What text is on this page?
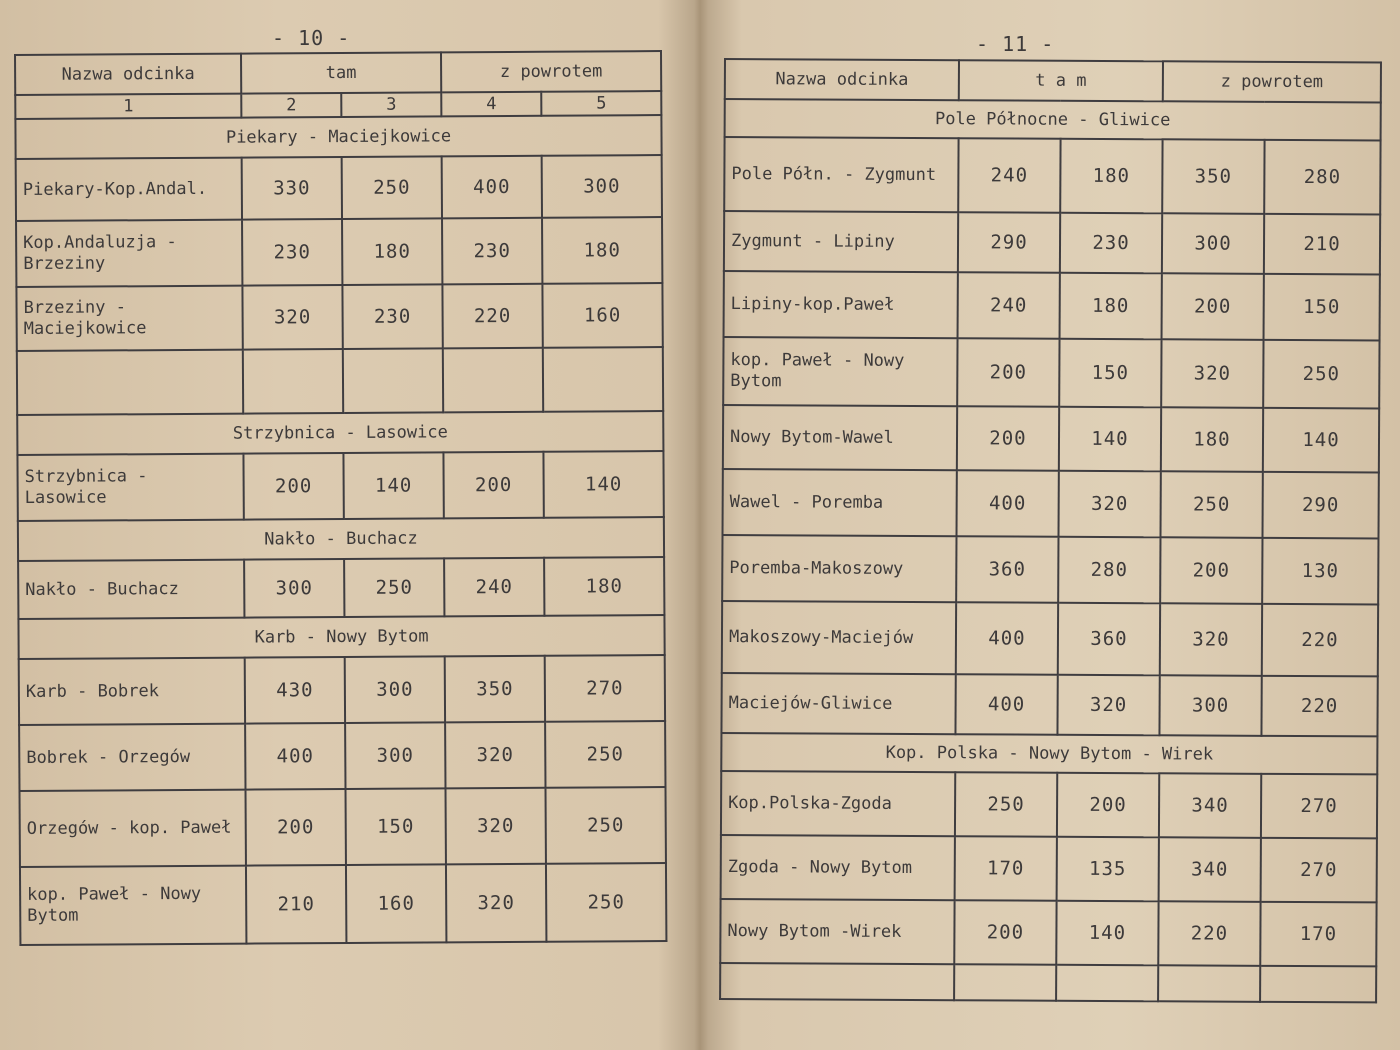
- 10 -
Nazwa odcinka	tam		z powrotem	
1	2	3	4	5
Piekary - Maciejkowice				
Piekary-Kop.Andal.	330	250	400	300
Kop.Andaluzja - Brzeziny	230	180	230	180
Brzeziny - Maciejkowice	320	230	220	160

Strzybnica - Lasowice				
Strzybnica - Lasowice	200	140	200	140
Nakło - Buchacz				
Nakło - Buchacz	300	250	240	180
Karb - Nowy Bytom				
Karb - Bobrek	430	300	350	270
Bobrek - Orzegów	400	300	320	250
Orzegów - kop. Paweł	200	150	320	250
kop. Paweł - Nowy Bytom	210	160	320	250
- 11 -
Nazwa odcinka	t a m		z powrotem	
Pole Północne - Gliwice				
Pole Półn. - Zygmunt	240	180	350	280
Zygmunt - Lipiny	290	230	300	210
Lipiny-kop.Paweł	240	180	200	150
kop. Paweł - Nowy Bytom	200	150	320	250
Nowy Bytom-Wawel	200	140	180	140
Wawel - Poremba	400	320	250	290
Poremba-Makoszowy	360	280	200	130
Makoszowy-Maciejów	400	360	320	220
Maciejów-Gliwice	400	320	300	220
Kop. Polska - Nowy Bytom - Wirek				
Kop.Polska-Zgoda	250	200	340	270
Zgoda - Nowy Bytom	170	135	340	270
Nowy Bytom -Wirek	200	140	220	170
